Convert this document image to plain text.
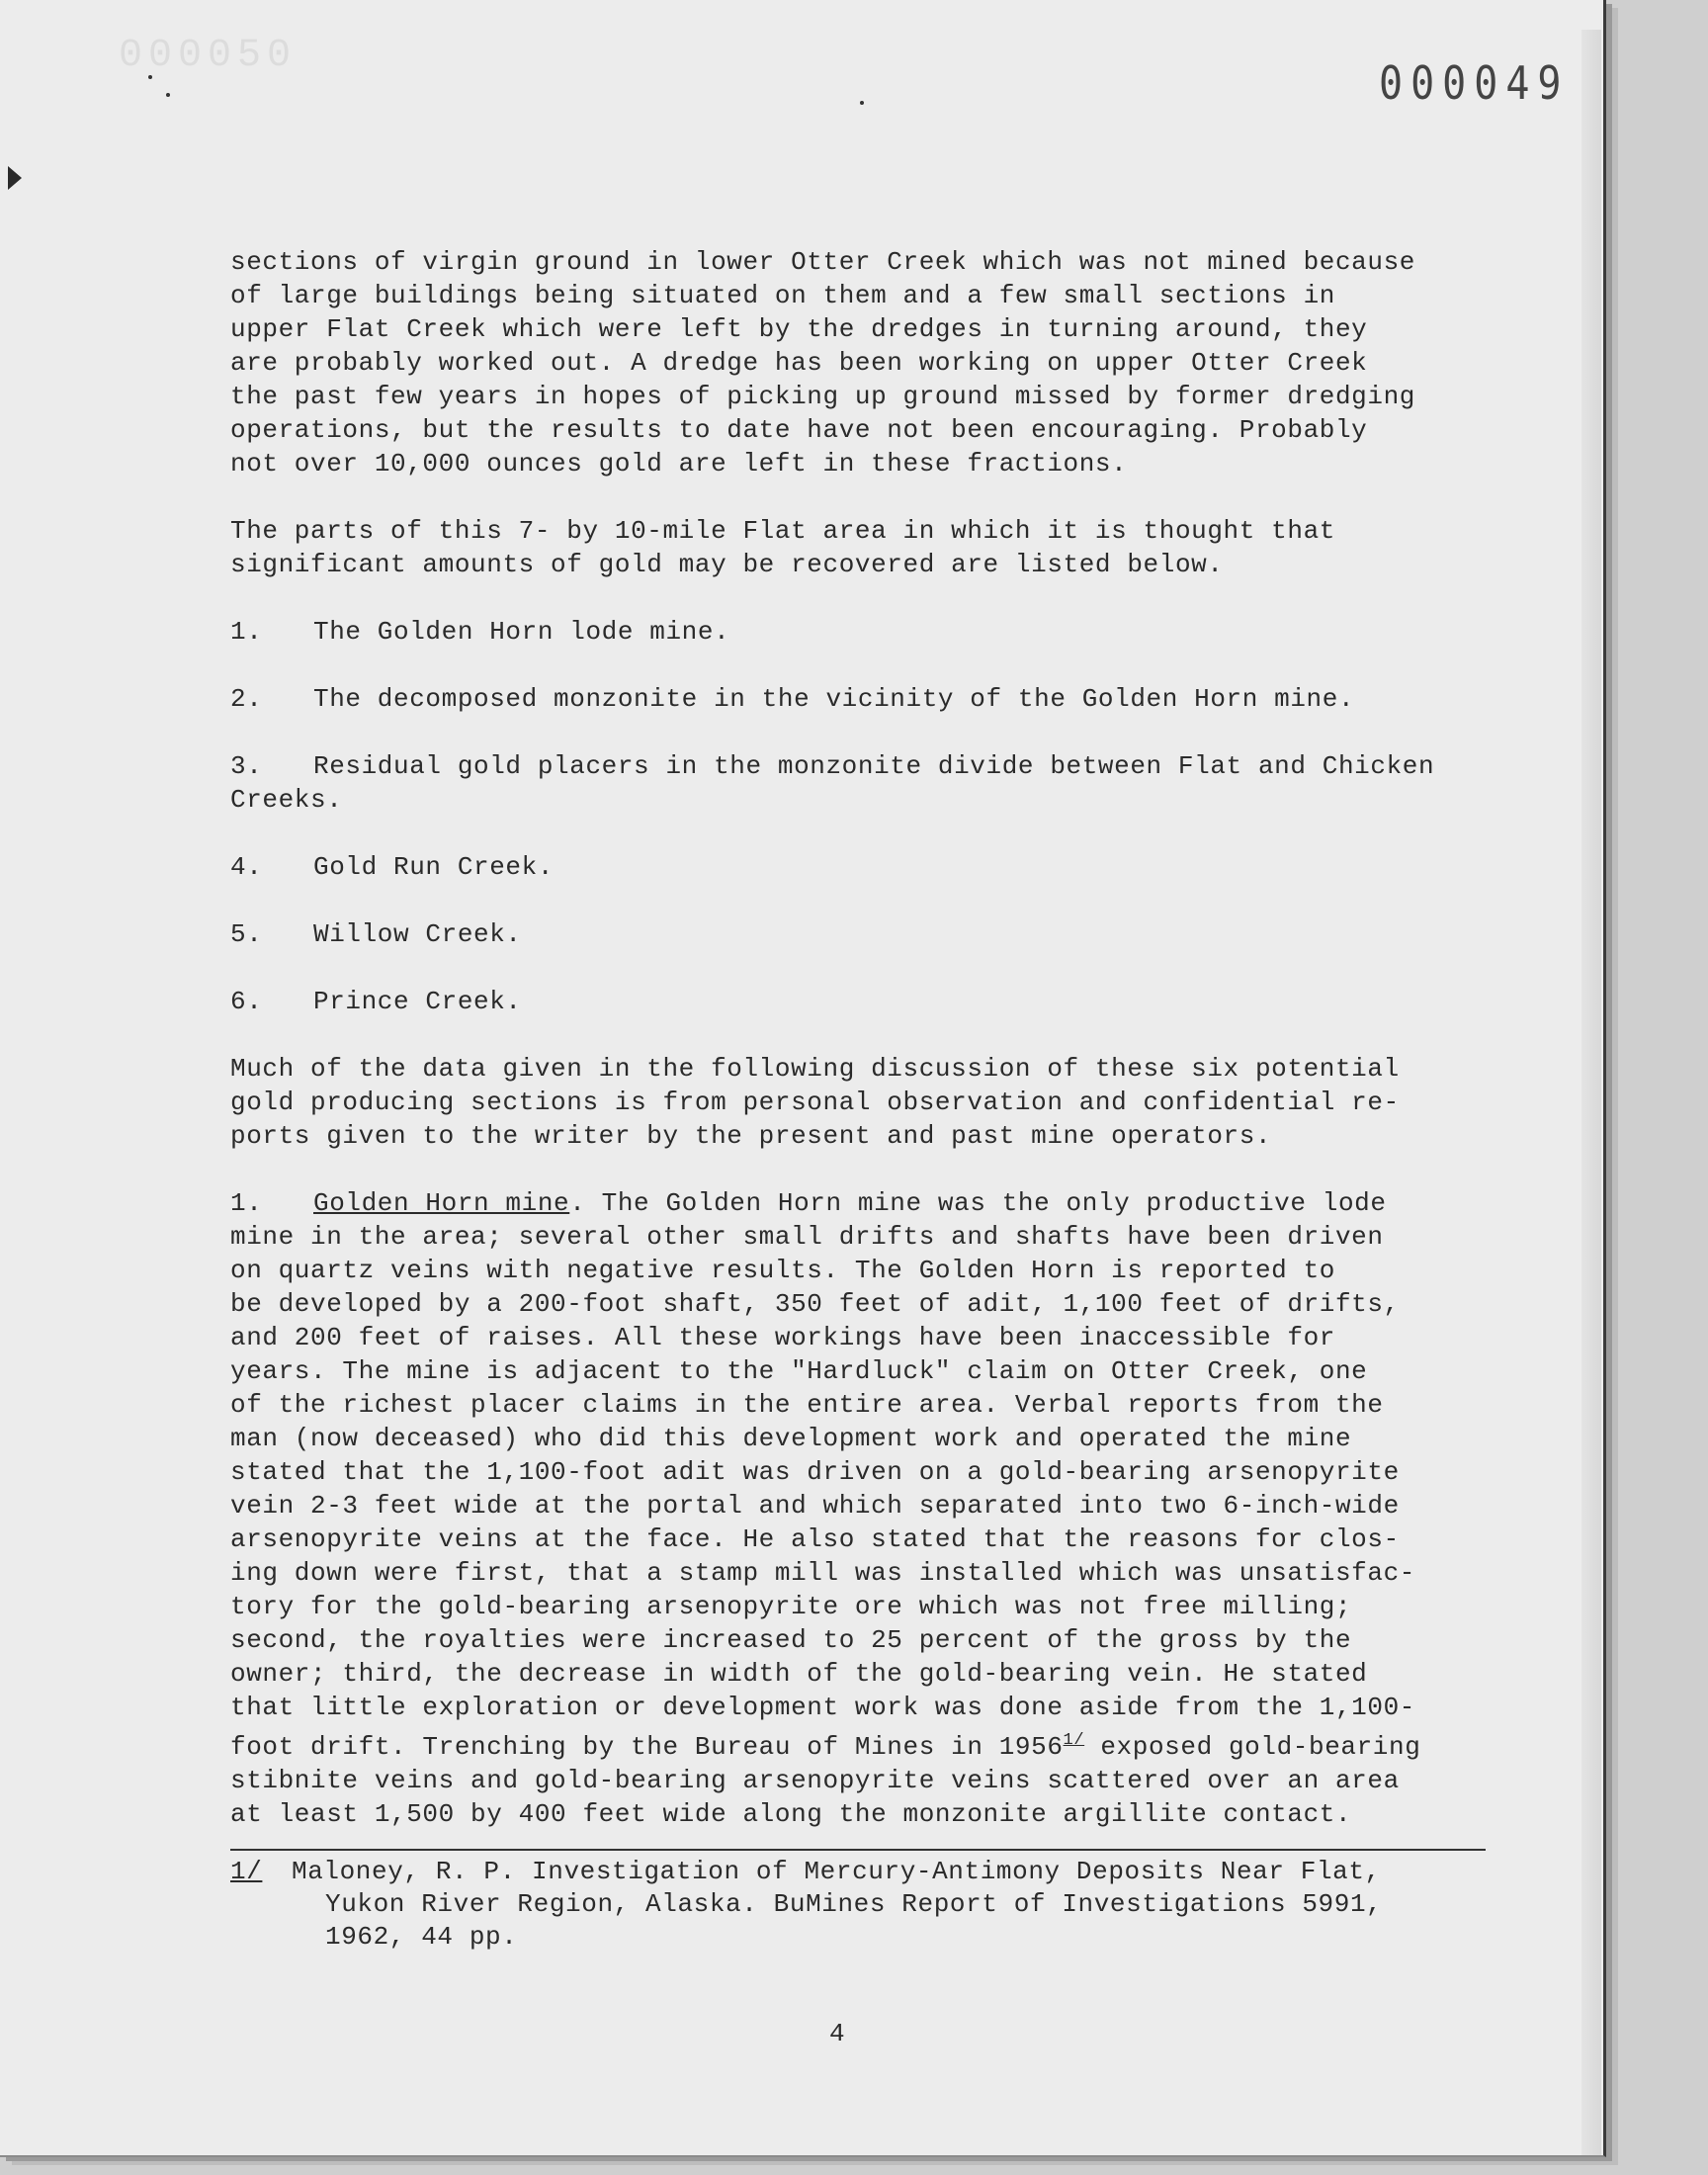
000050
000049

sections of virgin ground in lower Otter Creek which was not mined because
of large buildings being situated on them and a few small sections in
upper Flat Creek which were left by the dredges in turning around, they
are probably worked out. A dredge has been working on upper Otter Creek
the past few years in hopes of picking up ground missed by former dredging
operations, but the results to date have not been encouraging. Probably
not over 10,000 ounces gold are left in these fractions.

The parts of this 7- by 10-mile Flat area in which it is thought that
significant amounts of gold may be recovered are listed below.

1. The Golden Horn lode mine.
2. The decomposed monzonite in the vicinity of the Golden Horn mine.
3. Residual gold placers in the monzonite divide between Flat and Chicken
Creeks.
4. Gold Run Creek.
5. Willow Creek.
6. Prince Creek.

Much of the data given in the following discussion of these six potential
gold producing sections is from personal observation and confidential re-
ports given to the writer by the present and past mine operators.

1. Golden Horn mine. The Golden Horn mine was the only productive lode
mine in the area; several other small drifts and shafts have been driven
on quartz veins with negative results. The Golden Horn is reported to
be developed by a 200-foot shaft, 350 feet of adit, 1,100 feet of drifts,
and 200 feet of raises. All these workings have been inaccessible for
years. The mine is adjacent to the "Hardluck" claim on Otter Creek, one
of the richest placer claims in the entire area. Verbal reports from the
man (now deceased) who did this development work and operated the mine
stated that the 1,100-foot adit was driven on a gold-bearing arsenopyrite
vein 2-3 feet wide at the portal and which separated into two 6-inch-wide
arsenopyrite veins at the face. He also stated that the reasons for clos-
ing down were first, that a stamp mill was installed which was unsatisfac-
tory for the gold-bearing arsenopyrite ore which was not free milling;
second, the royalties were increased to 25 percent of the gross by the
owner; third, the decrease in width of the gold-bearing vein. He stated
that little exploration or development work was done aside from the 1,100-
foot drift. Trenching by the Bureau of Mines in 1956$^{1/}$ exposed gold-bearing
stibnite veins and gold-bearing arsenopyrite veins scattered over an area
at least 1,500 by 400 feet wide along the monzonite argillite contact.

1/ Maloney, R. P. Investigation of Mercury-Antimony Deposits Near Flat,
Yukon River Region, Alaska. BuMines Report of Investigations 5991,
1962, 44 pp.
4
